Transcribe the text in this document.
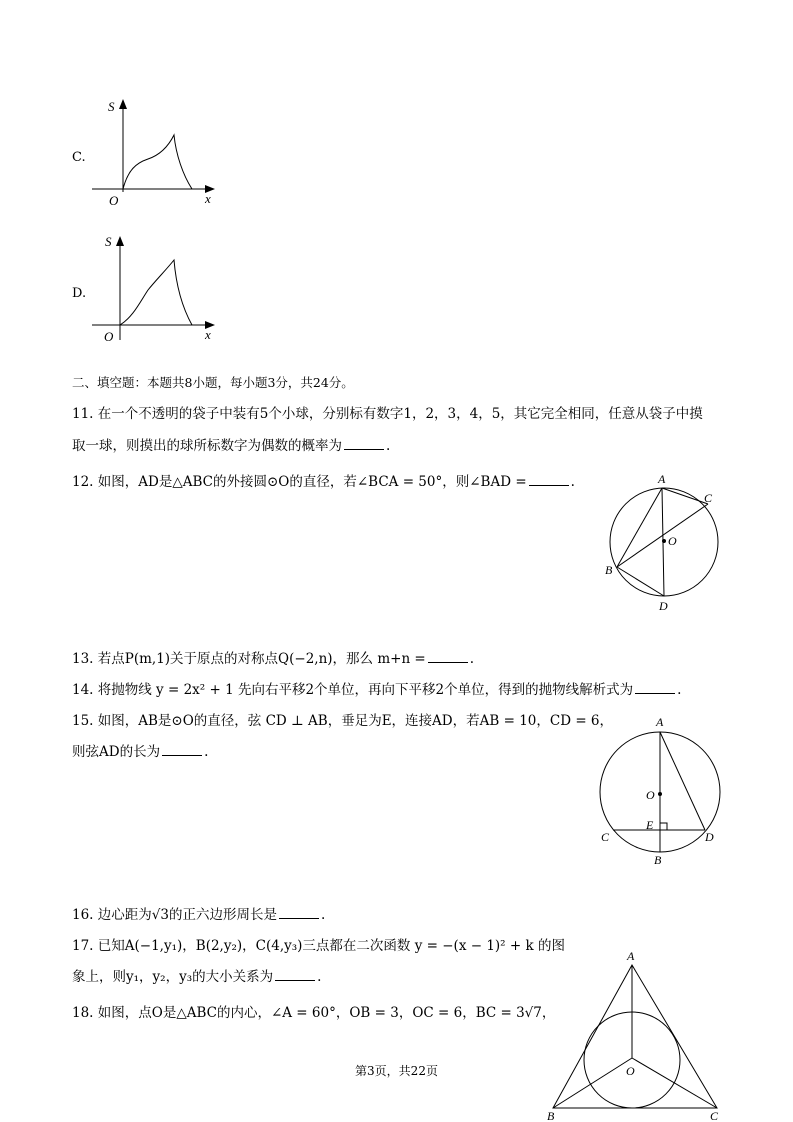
C.
S
x
O
D.
S
x
O
二、填空题：本题共8小题，每小题3分，共24分。
11. 在一个不透明的袋子中装有5个小球，分别标有数字1，2，3，4，5，其它完全相同，任意从袋子中摸
取一球，则摸出的球所标数字为偶数的概率为	.
12. 如图，AD是△ABC的外接圆⊙O的直径，若∠BCA = 50°，则∠BAD =	.	A
C
O
B
D
13. 若点P(m,1)关于原点的对称点Q(−2,n)，那么 m+n =	.
14. 将抛物线 y = 2x² + 1 先向右平移2个单位，再向下平移2个单位，得到的抛物线解析式为	.
15. 如图，AB是⊙O的直径，弦 CD ⊥ AB，垂足为E，连接AD，若AB = 10，CD = 6，
则弦AD的长为	.
A
O
E
C	D
B
16. 边心距为√3的正六边形周长是	.
17. 已知A(−1,y₁)，B(2,y₂)，C(4,y₃)三点都在二次函数 y = −(x − 1)² + k 的图
象上，则y₁，y₂，y₃的大小关系为	.
18. 如图，点O是△ABC的内心，∠A = 60°，OB = 3，OC = 6，BC = 3√7，
A
O
B	C
第3页，共22页
